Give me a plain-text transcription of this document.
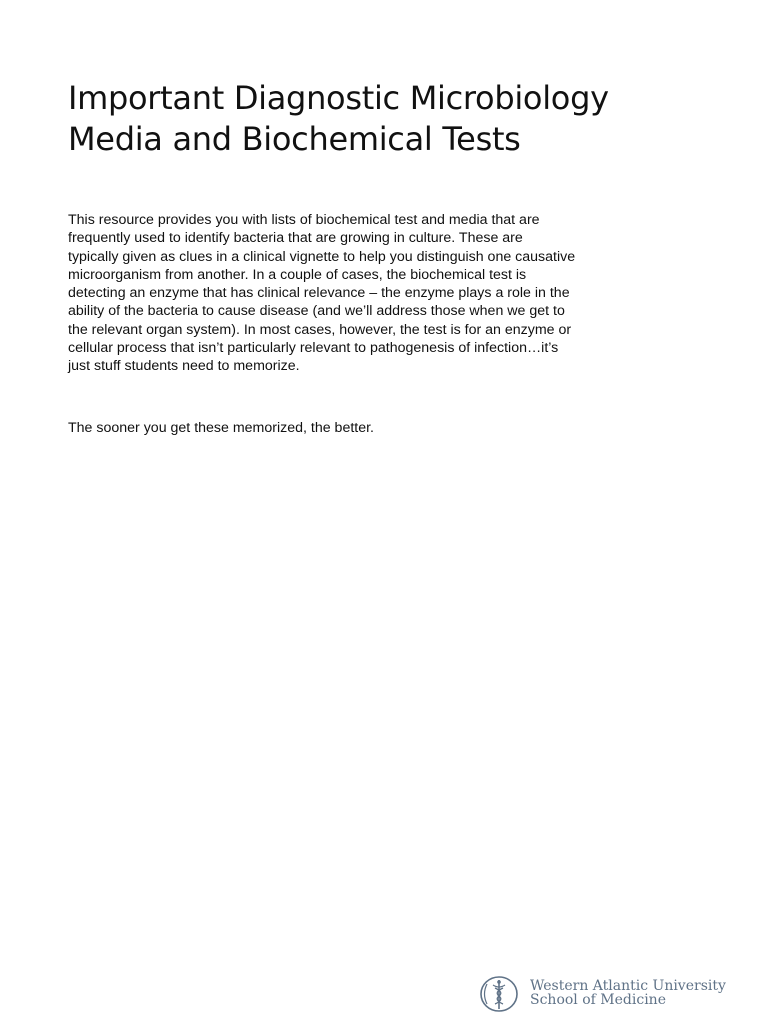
Important Diagnostic Microbiology
Media and Biochemical Tests
This resource provides you with lists of biochemical test and media that are
frequently used to identify bacteria that are growing in culture. These are
typically given as clues in a clinical vignette to help you distinguish one causative
microorganism from another. In a couple of cases, the biochemical test is
detecting an enzyme that has clinical relevance – the enzyme plays a role in the
ability of the bacteria to cause disease (and we’ll address those when we get to
the relevant organ system). In most cases, however, the test is for an enzyme or
cellular process that isn’t particularly relevant to pathogenesis of infection…it’s
just stuff students need to memorize.
The sooner you get these memorized, the better.
Western Atlantic University
School of Medicine
